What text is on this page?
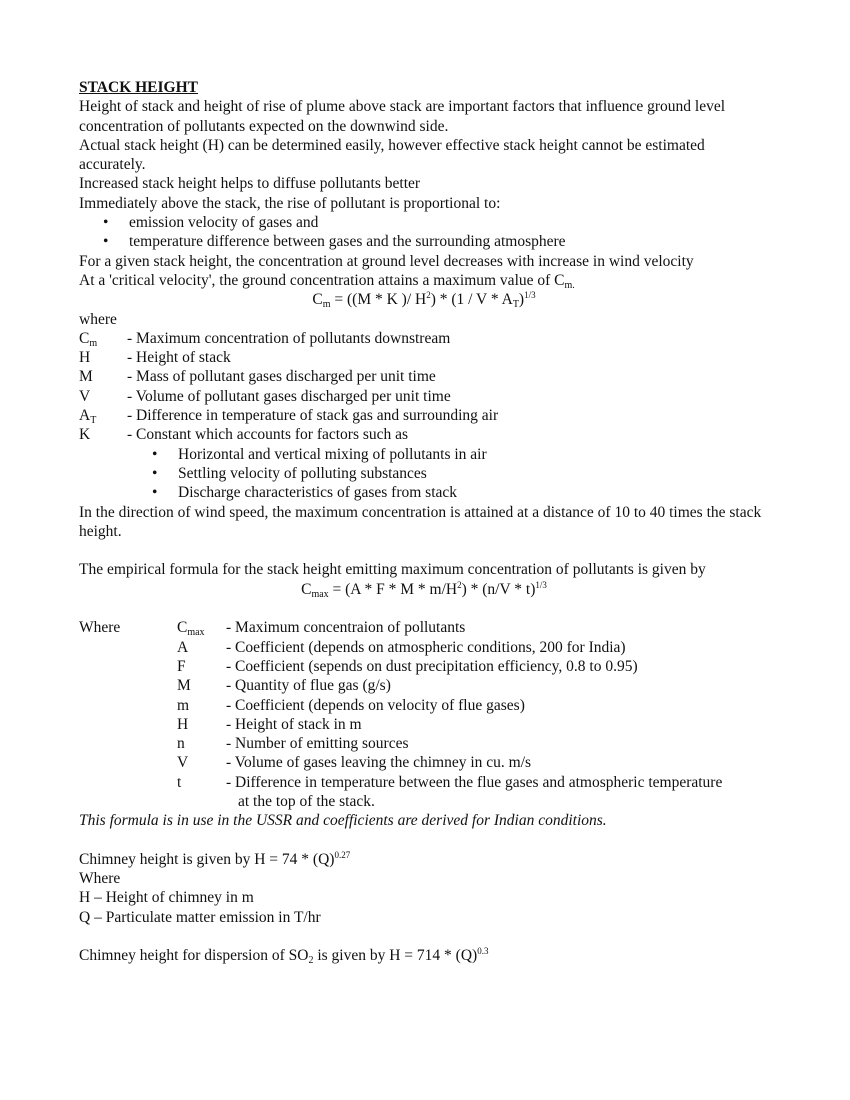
STACK HEIGHT
Height of stack and height of rise of plume above stack are important factors that influence ground level concentration of pollutants expected on the downwind side.
Actual stack height (H) can be determined easily, however effective stack height cannot be estimated accurately.
Increased stack height helps to diffuse pollutants better
Immediately above the stack, the rise of pollutant is proportional to:
• emission velocity of gases and
• temperature difference between gases and the surrounding atmosphere
For a given stack height, the concentration at ground level decreases with increase in wind velocity
At a 'critical velocity', the ground concentration attains a maximum value of $C_{m.}$
$C_m = ((M * K$ )/ $H^2) * (1$ / V * $A_T)^{1/3}$
where
$C_m$	- Maximum concentration of pollutants downstream
H	- Height of stack
M	- Mass of pollutant gases discharged per unit time
V	- Volume of pollutant gases discharged per unit time
$A_T$	- Difference in temperature of stack gas and surrounding air
K	- Constant which accounts for factors such as
• Horizontal and vertical mixing of pollutants in air
• Settling velocity of polluting substances
• Discharge characteristics of gases from stack
In the direction of wind speed, the maximum concentration is attained at a distance of 10 to 40 times the stack height.
The empirical formula for the stack height emitting maximum concentration of pollutants is given by
$C_{max} = (A * F * M * m/H^2) * (n/V * t)^{1/3}$
Where	$C_{max}$	- Maximum concentraion of pollutants
A	- Coefficient (depends on atmospheric conditions, 200 for India)
F	- Coefficient (sepends on dust precipitation efficiency, 0.8 to 0.95)
M	- Quantity of flue gas (g/s)
m	- Coefficient (depends on velocity of flue gases)
H	- Height of stack in m
n	- Number of emitting sources
V	- Volume of gases leaving the chimney in cu. m/s
t	- Difference in temperature between the flue gases and atmospheric temperature
at the top of the stack.
This formula is in use in the USSR and coefficients are derived for Indian conditions.
Chimney height is given by $H = 74 * (Q)^{0.27}$
Where
H – Height of chimney in m
Q – Particulate matter emission in T/hr
Chimney height for dispersion of $SO_2$ is given by $H = 714 * (Q)^{0.3}$
